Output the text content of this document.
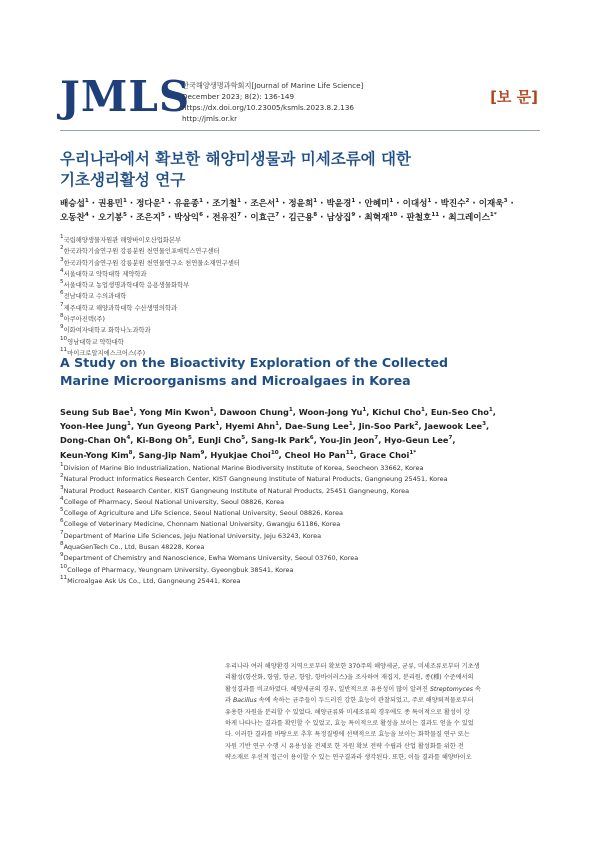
JMLS
한국해양생명과학회지[Journal of Marine Life Science]
December 2023; 8(2): 136-149
https://dx.doi.org/10.23005/ksmls.2023.8.2.136
http://jmls.or.kr
[보 문]
우리나라에서 확보한 해양미생물과 미세조류에 대한
기초생리활성 연구
배승섭$^1$ · 권용민$^1$ · 정다운$^1$ · 유윤종$^1$ · 조기철$^1$ · 조은서$^1$ · 정윤희$^1$ · 박윤경$^1$ · 안혜미$^1$ · 이대성$^1$ · 박진수$^2$ · 이재욱$^3$ ·
오동찬$^4$ · 오기봉$^5$ · 조은지$^5$ · 박상익$^6$ · 전유진$^7$ · 이효근$^7$ · 김근용$^8$ · 남상집$^9$ · 최혁재$^{10}$ · 판철호$^{11}$ · 최그레이스$^{1*}$
$^1$국립해양생물자원관 해양바이오산업화본부
$^2$한국과학기술연구원 강릉분원 천연물인포매틱스연구센터
$^3$한국과학기술연구원 강릉분원 천연물연구소 천연물소재연구센터
$^4$서울대학교 약학대학 제약학과
$^5$서울대학교 농업생명과학대학 응용생물화학부
$^6$전남대학교 수의과대학
$^7$제주대학교 해양과학대학 수산생명의학과
$^8$아쿠아진텍(주)
$^9$이화여자대학교 화학나노과학과
$^{10}$영남대학교 약학대학
$^{11}$마이크로알지에스크어스(주)
A Study on the Bioactivity Exploration of the Collected
Marine Microorganisms and Microalgaes in Korea
Seung Sub Bae$^1$, Yong Min Kwon$^1$, Dawoon Chung$^1$, Woon-Jong Yu$^1$, Kichul Cho$^1$, Eun-Seo Cho$^1$,
Yoon-Hee Jung$^1$, Yun Gyeong Park$^1$, Hyemi Ahn$^1$, Dae-Sung Lee$^1$, Jin-Soo Park$^2$, Jaewook Lee$^3$,
Dong-Chan Oh$^4$, Ki-Bong Oh$^5$, EunJi Cho$^5$, Sang-Ik Park$^6$, You-Jin Jeon$^7$, Hyo-Geun Lee$^7$,
Keun-Yong Kim$^8$, Sang-Jip Nam$^9$, Hyukjae Choi$^{10}$, Cheol Ho Pan$^{11}$, Grace Choi$^{1*}$
$^1$Division of Marine Bio Industrialization, National Marine Biodiversity Institute of Korea, Seocheon 33662, Korea
$^2$Natural Product Informatics Research Center, KIST Gangneung Institute of Natural Products, Gangneung 25451, Korea
$^3$Natural Product Research Center, KIST Gangneung Institute of Natural Products, 25451 Gangneung, Korea
$^4$College of Pharmacy, Seoul National University, Seoul 08826, Korea
$^5$College of Agriculture and Life Science, Seoul National University, Seoul 08826, Korea
$^6$College of Veterinary Medicine, Chonnam National University, Gwangju 61186, Korea
$^7$Department of Marine Life Sciences, Jeju National University, Jeju 63243, Korea
$^8$AquaGenTech Co., Ltd, Busan 48228, Korea
$^9$Department of Chemistry and Nanoscience, Ewha Womans University, Seoul 03760, Korea
$^{10}$College of Pharmacy, Yeungnam University, Gyeongbuk 38541, Korea
$^{11}$Microalgae Ask Us Co., Ltd, Gangneung 25441, Korea
우리나라 여러 해양환경 지역으로부터 확보한 370주의 해양세균, 균류, 미세조류로부터 기초생
리활성(항산화, 항염, 항균, 항암, 항바이러스)을 조사하여 재집지, 분리원, 종(種) 수준에서의
활성결과를 비교하였다. 해양세균의 경우, 일반적으로 유용성이 많이 알려진 Streptomyces 속
과 Bacillus 속에 속하는 균주들이 두드러진 강한 효능이 관찰되었고, 주로 해양퇴적물로부터
유용한 자원을 분리할 수 있었다. 해양균류와 미세조류의 경우에도 종 특이적으로 활성이 강
하게 나타나는 결과를 확인할 수 있었고, 효능 특이적으로 활성을 보이는 결과도 얻을 수 있었
다. 이러한 결과를 바탕으로 추후 특정질병에 선택적으로 효능을 보이는 화학물질 연구 또는
자원 기반 연구 수행 시 유용성을 전제로 한 자원 확보 전략 수립과 산업 활성화를 위한 전
략소재로 우선적 접근이 용이할 수 있는 연구결과라 생각된다. 또한, 이들 결과를 해양바이오
